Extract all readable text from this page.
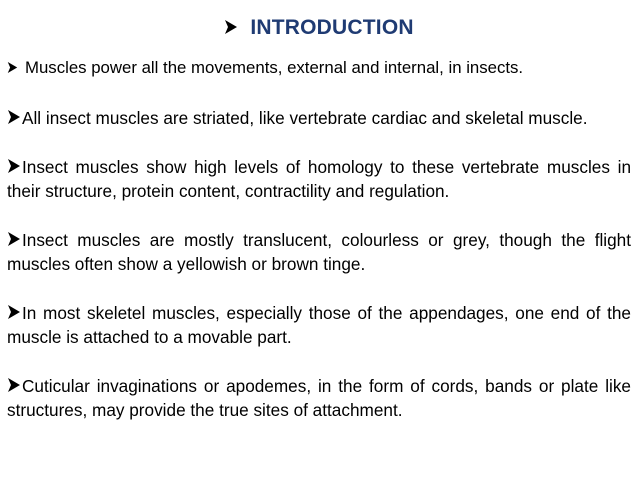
INTRODUCTION

Muscles power all the movements, external and internal, in insects.

All insect muscles are striated, like vertebrate cardiac and skeletal muscle.

Insect muscles show high levels of homology to these vertebrate muscles in their structure, protein content, contractility and regulation.

Insect muscles are mostly translucent, colourless or grey, though the flight muscles often show a yellowish or brown tinge.

In most skeletel muscles, especially those of the appendages, one end of the muscle is attached to a movable part.

Cuticular invaginations or apodemes, in the form of cords, bands or plate like structures, may provide the true sites of attachment.
